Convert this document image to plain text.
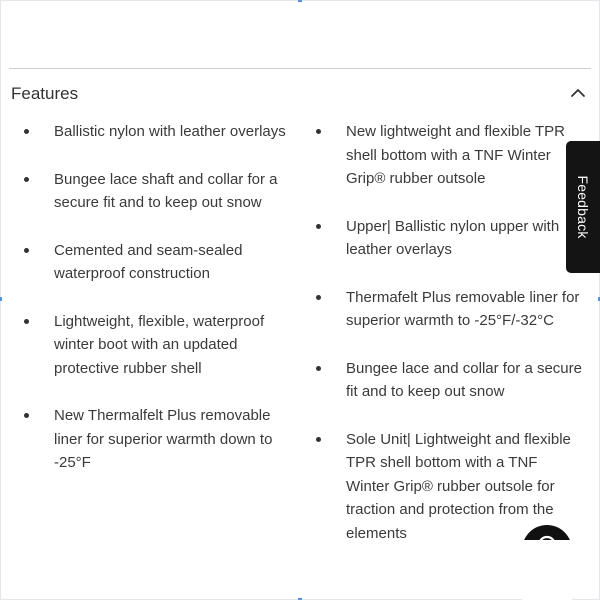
Features
Ballistic nylon with leather overlays
Bungee lace shaft and collar for a secure fit and to keep out snow
Cemented and seam-sealed waterproof construction
Lightweight, flexible, waterproof winter boot with an updated protective rubber shell
New Thermalfelt Plus removable liner for superior warmth down to -25°F
New lightweight and flexible TPR shell bottom with a TNF Winter Grip® rubber outsole
Upper| Ballistic nylon upper with leather overlays
Thermafelt Plus removable liner for superior warmth to -25°F/-32°C
Bungee lace and collar for a secure fit and to keep out snow
Sole Unit| Lightweight and flexible TPR shell bottom with a TNF Winter Grip® rubber outsole for traction and protection from the elements
Feedback
